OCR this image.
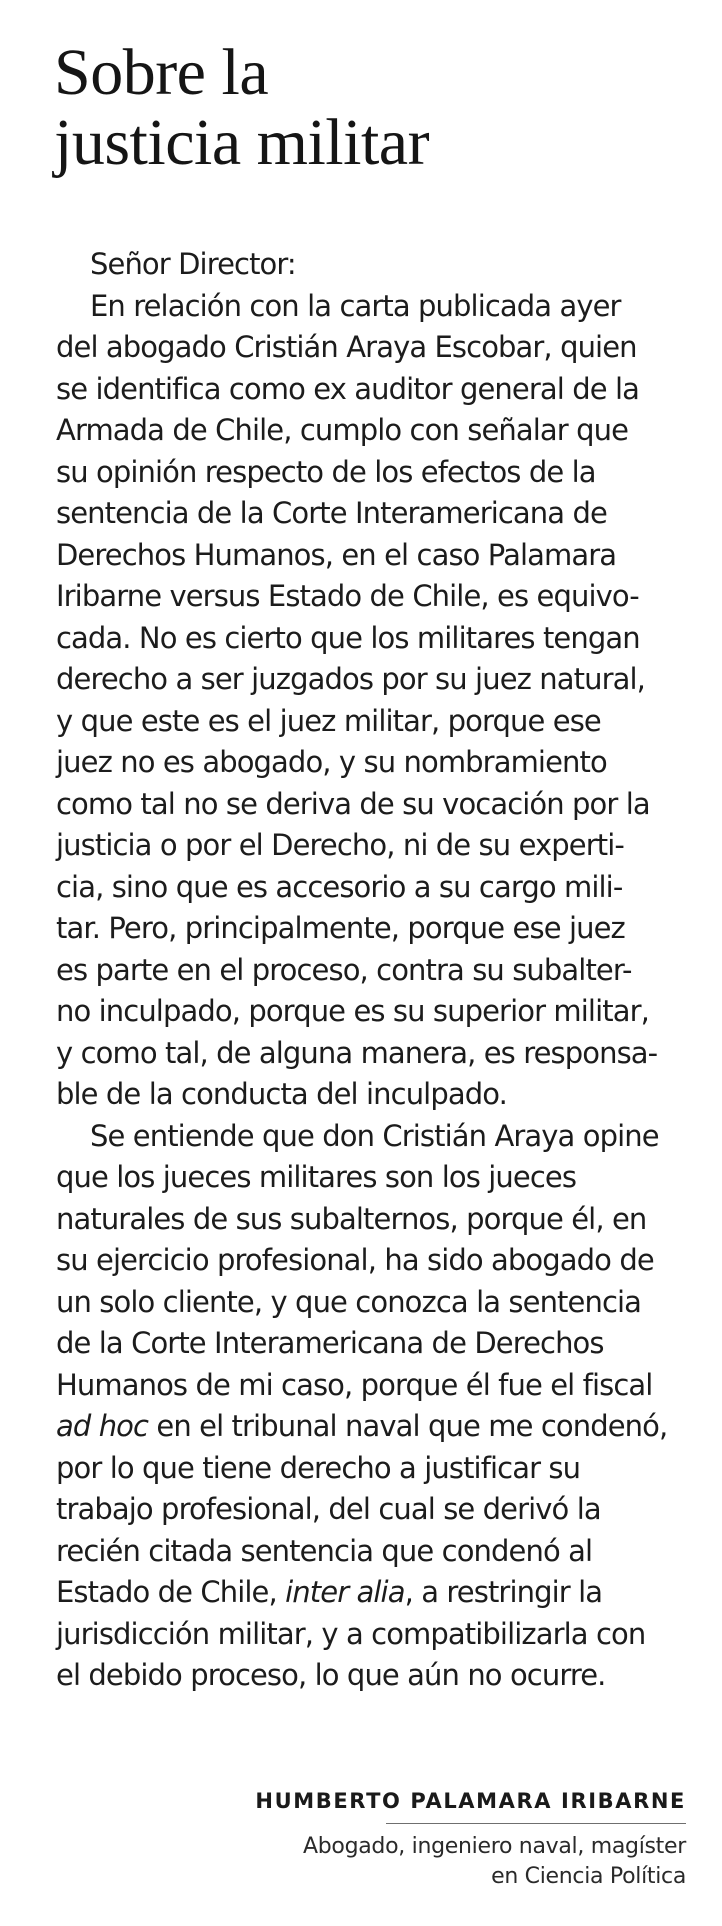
Sobre la
justicia militar
Señor Director:
En relación con la carta publicada ayer
del abogado Cristián Araya Escobar, quien
se identifica como ex auditor general de la
Armada de Chile, cumplo con señalar que
su opinión respecto de los efectos de la
sentencia de la Corte Interamericana de
Derechos Humanos, en el caso Palamara
Iribarne versus Estado de Chile, es equivo-
cada. No es cierto que los militares tengan
derecho a ser juzgados por su juez natural,
y que este es el juez militar, porque ese
juez no es abogado, y su nombramiento
como tal no se deriva de su vocación por la
justicia o por el Derecho, ni de su experti-
cia, sino que es accesorio a su cargo mili-
tar. Pero, principalmente, porque ese juez
es parte en el proceso, contra su subalter-
no inculpado, porque es su superior militar,
y como tal, de alguna manera, es responsa-
ble de la conducta del inculpado.
Se entiende que don Cristián Araya opine
que los jueces militares son los jueces
naturales de sus subalternos, porque él, en
su ejercicio profesional, ha sido abogado de
un solo cliente, y que conozca la sentencia
de la Corte Interamericana de Derechos
Humanos de mi caso, porque él fue el fiscal
ad hoc en el tribunal naval que me condenó,
por lo que tiene derecho a justificar su
trabajo profesional, del cual se derivó la
recién citada sentencia que condenó al
Estado de Chile, inter alia, a restringir la
jurisdicción militar, y a compatibilizarla con
el debido proceso, lo que aún no ocurre.
HUMBERTO PALAMARA IRIBARNE
Abogado, ingeniero naval, magíster
en Ciencia Política
